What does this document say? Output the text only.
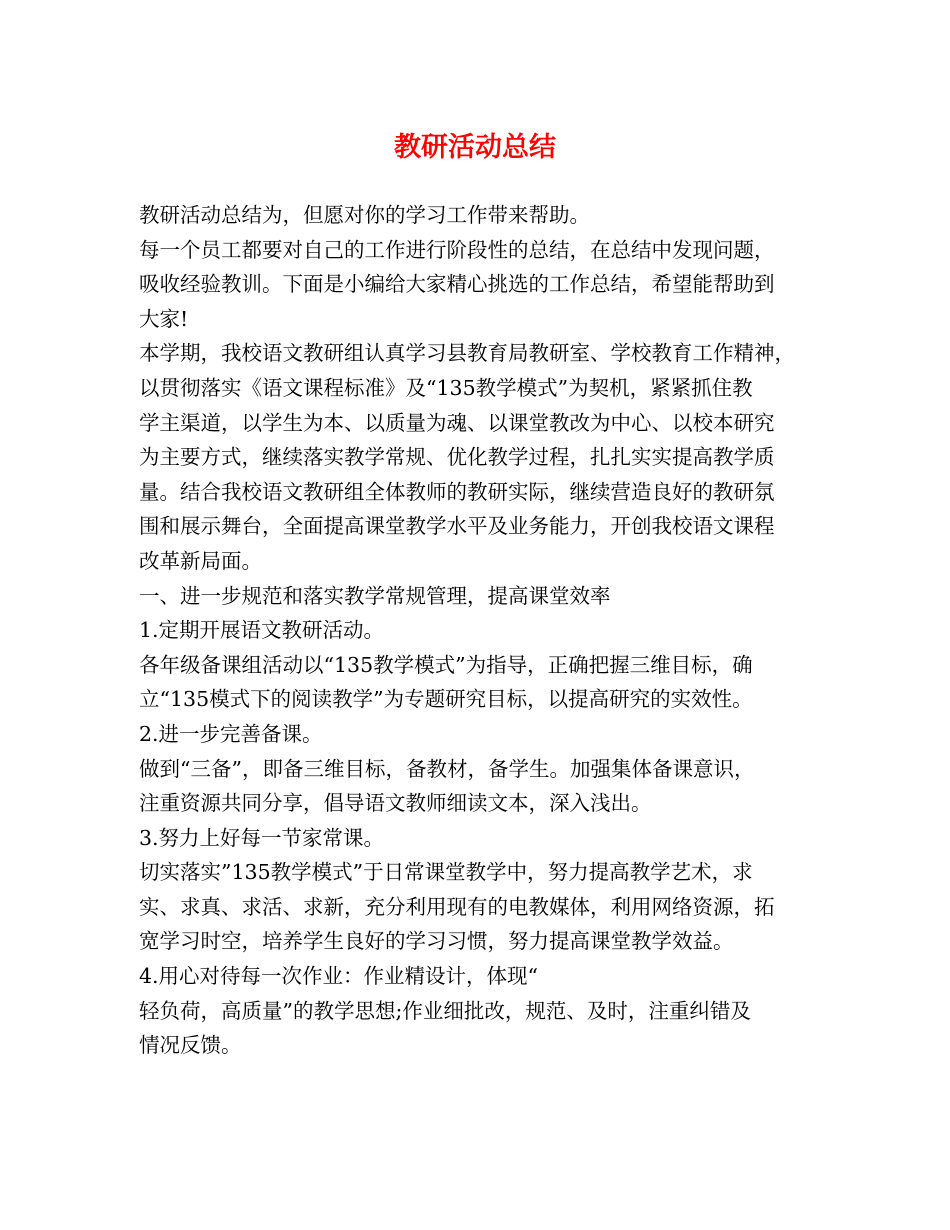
教研活动总结
教研活动总结为，但愿对你的学习工作带来帮助。
每一个员工都要对自己的工作进行阶段性的总结，在总结中发现问题，
吸收经验教训。下面是小编给大家精心挑选的工作总结，希望能帮助到
大家!
本学期，我校语文教研组认真学习县教育局教研室、学校教育工作精神，
以贯彻落实《语文课程标准》及“135教学模式”为契机，紧紧抓住教
学主渠道，以学生为本、以质量为魂、以课堂教改为中心、以校本研究
为主要方式，继续落实教学常规、优化教学过程，扎扎实实提高教学质
量。结合我校语文教研组全体教师的教研实际，继续营造良好的教研氛
围和展示舞台，全面提高课堂教学水平及业务能力，开创我校语文课程
改革新局面。
一、进一步规范和落实教学常规管理，提高课堂效率
1.定期开展语文教研活动。
各年级备课组活动以“135教学模式”为指导，正确把握三维目标，确
立“135模式下的阅读教学”为专题研究目标，以提高研究的实效性。
2.进一步完善备课。
做到“三备”，即备三维目标，备教材，备学生。加强集体备课意识，
注重资源共同分享，倡导语文教师细读文本，深入浅出。
3.努力上好每一节家常课。
切实落实”135教学模式”于日常课堂教学中，努力提高教学艺术，求
实、求真、求活、求新，充分利用现有的电教媒体，利用网络资源，拓
宽学习时空，培养学生良好的学习习惯，努力提高课堂教学效益。
4.用心对待每一次作业：作业精设计，体现“
轻负荷，高质量”的教学思想;作业细批改，规范、及时，注重纠错及
情况反馈。
